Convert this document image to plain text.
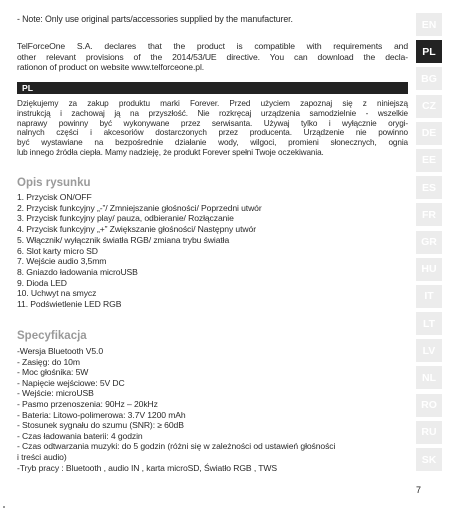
- Note: Only use original parts/accessories supplied by the manufacturer.
TelForceOne S.A. declares that the product is compatible with requirements and
other relevant provisions of the 2014/53/UE directive. You can download the decla-
rationon of product on website www.telforceone.pl.
PL
Dziękujemy za zakup produktu marki Forever. Przed użyciem zapoznaj się z niniejszą
instrukcją i zachowaj ją na przyszłość. Nie rozkręcaj urządzenia samodzielnie - wszelkie
naprawy powinny być wykonywane przez serwisanta. Używaj tylko i wyłącznie orygi-
nalnych części i akcesoriów dostarczonych przez producenta. Urządzenie nie powinno
być wystawiane na bezpośrednie działanie wody, wilgoci, promieni słonecznych, ognia
lub innego źródła ciepła. Mamy nadzieję, że produkt Forever spełni Twoje oczekiwania.
Opis rysunku
1. Przycisk ON/OFF
2. Przycisk funkcyjny „-”/ Zmniejszanie głośności/ Poprzedni utwór
3. Przycisk funkcyjny play/ pauza, odbieranie/ Rozłączanie
4. Przycisk funkcyjny „+” Zwiększanie głośności/ Następny utwór
5. Włącznik/ wyłącznik światła RGB/ zmiana trybu światła
6. Slot karty micro SD
7. Wejście audio 3,5mm
8. Gniazdo ładowania microUSB
9. Dioda LED
10. Uchwyt na smycz
11. Podświetlenie LED RGB
Specyfikacja
-Wersja Bluetooth V5.0
- Zasięg: do 10m
- Moc głośnika: 5W
- Napięcie wejściowe: 5V DC
- Wejście: microUSB
- Pasmo przenoszenia: 90Hz – 20kHz
- Bateria: Litowo-polimerowa: 3.7V 1200 mAh
- Stosunek sygnału do szumu (SNR): ≥ 60dB
- Czas ładowania baterii: 4 godzin
- Czas odtwarzania muzyki: do 5 godzin (różni się w zależności od ustawień głośności
i treści audio)
-Tryb pracy : Bluetooth , audio IN , karta microSD, Światło RGB , TWS
EN
PL
BG
CZ
DE
EE
ES
FR
GR
HU
IT
LT
LV
NL
RO
RU
SK
7
